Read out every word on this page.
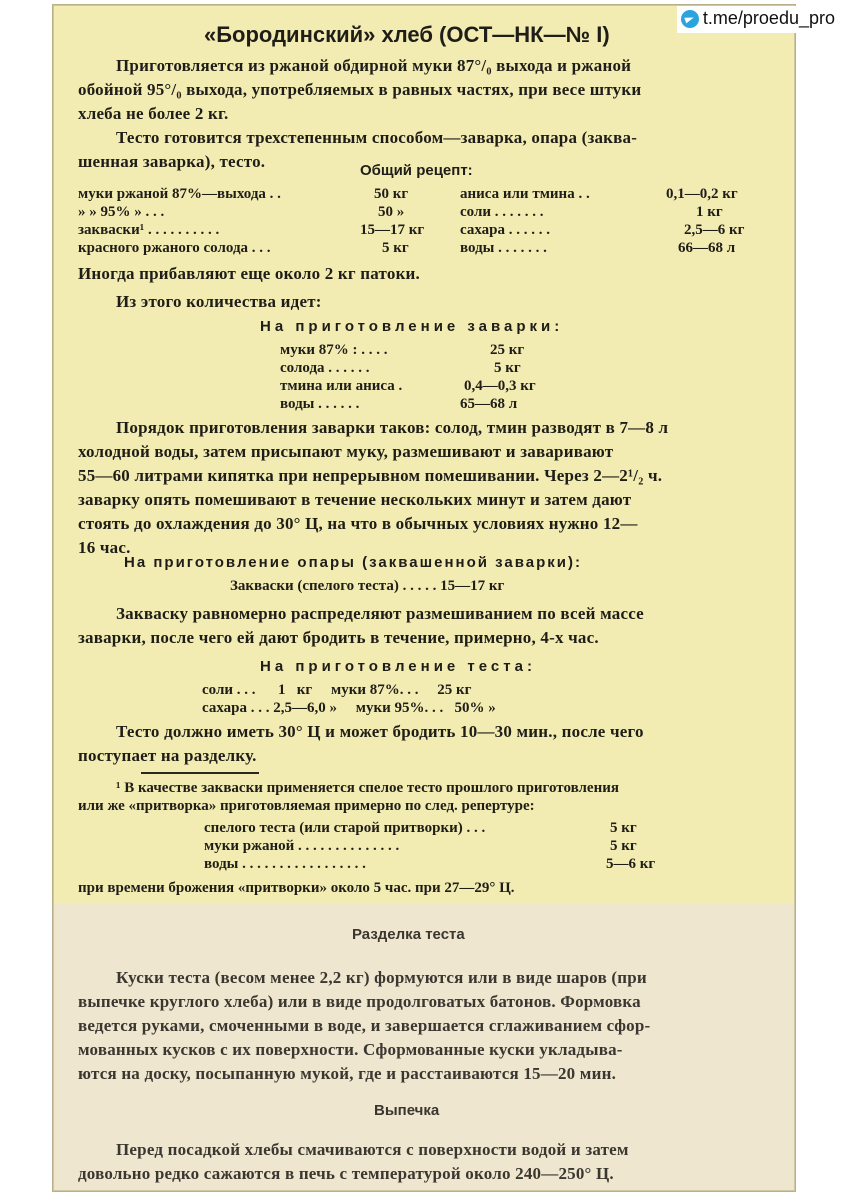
«Бородинский» хлеб (ОСТ—НК—№ I)
Приготовляется из ржаной обдирной муки 87°/₀ выхода и ржаной
обойной 95°/₀ выхода, употребляемых в равных частях, при весе штуки
хлеба не более 2 кг.
Тесто готовится трехстепенным способом—заварка, опара (заква-
шенная заварка), тесто.	Общий рецепт:
муки ржаной 87%—выхода . .	50 кг
» » 95% » . . .	50 »
закваски¹ . . . . . . . . . .	15—17 кг
красного ржаного солода . . .	5 кг
аниса или тмина . .	0,1—0,2 кг
соли . . . . . . .	1 кг
сахара . . . . . .	2,5—6 кг
воды . . . . . . .	66—68 л
Иногда прибавляют еще около 2 кг патоки.
Из этого количества идет:
На приготовление заварки:
муки 87% : . . . .	25 кг
солода . . . . . .	5 кг
тмина или аниса .	0,4—0,3 кг
воды . . . . . .	65—68 л
Порядок приготовления заварки таков: солод, тмин разводят в 7—8 л
холодной воды, затем присыпают муку, размешивают и заваривают
55—60 литрами кипятка при непрерывном помешивании. Через 2—2¹/₂ ч.
заварку опять помешивают в течение нескольких минут и затем дают
стоять до охлаждения до 30° Ц, на что в обычных условиях нужно 12—
16 час.
На приготовление опары (заквашенной заварки):
Закваски (спелого теста) . . . . . 15—17 кг
Закваску равномерно распределяют размешиванием по всей массе
заварки, после чего ей дают бродить в течение, примерно, 4-х час.
На приготовление теста:
соли . . .      1   кг     муки 87%. . .     25 кг
сахара . . . 2,5—6,0 »     муки 95%. . .   50% »
Тесто должно иметь 30° Ц и может бродить 10—30 мин., после чего
поступает на разделку.
¹ В качестве закваски применяется спелое тесто прошлого приготовления
или же «притворка» приготовляемая примерно по след. репертуре:
спелого теста (или старой притворки) . . .	5 кг
муки ржаной . . . . . . . . . . . . . .	5 кг
воды . . . . . . . . . . . . . . . . .	5—6 кг
при времени брожения «притворки» около 5 час. при 27—29° Ц.
Разделка теста
Куски теста (весом менее 2,2 кг) формуются или в виде шаров (при
выпечке круглого хлеба) или в виде продолговатых батонов. Формовка
ведется руками, смоченными в воде, и завершается сглаживанием сфор-
мованных кусков с их поверхности. Сформованные куски укладыва-
ются на доску, посыпанную мукой, где и расстаиваются 15—20 мин.
Выпечка
Перед посадкой хлебы смачиваются с поверхности водой и затем
довольно редко сажаются в печь с температурой около 240—250° Ц.
t.me/proedu_pro
